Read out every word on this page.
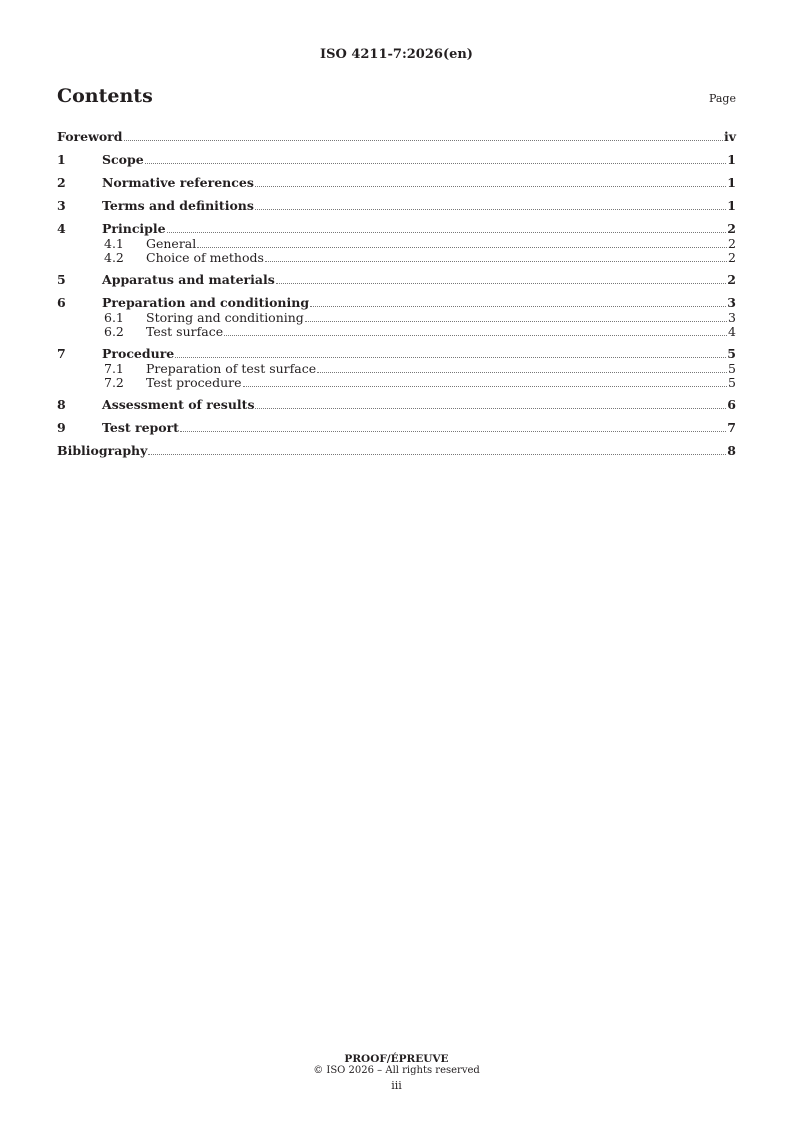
ISO 4211-7:2026(en)
Contents	Page
Foreword	iv
1	Scope	1
2	Normative references	1
3	Terms and definitions	1
4	Principle	2
4.1	General	2
4.2	Choice of methods	2
5	Apparatus and materials	2
6	Preparation and conditioning	3
6.1	Storing and conditioning	3
6.2	Test surface	4
7	Procedure	5
7.1	Preparation of test surface	5
7.2	Test procedure	5
8	Assessment of results	6
9	Test report	7
Bibliography	8
PROOF/ÉPREUVE
© ISO 2026 – All rights reserved
iii
